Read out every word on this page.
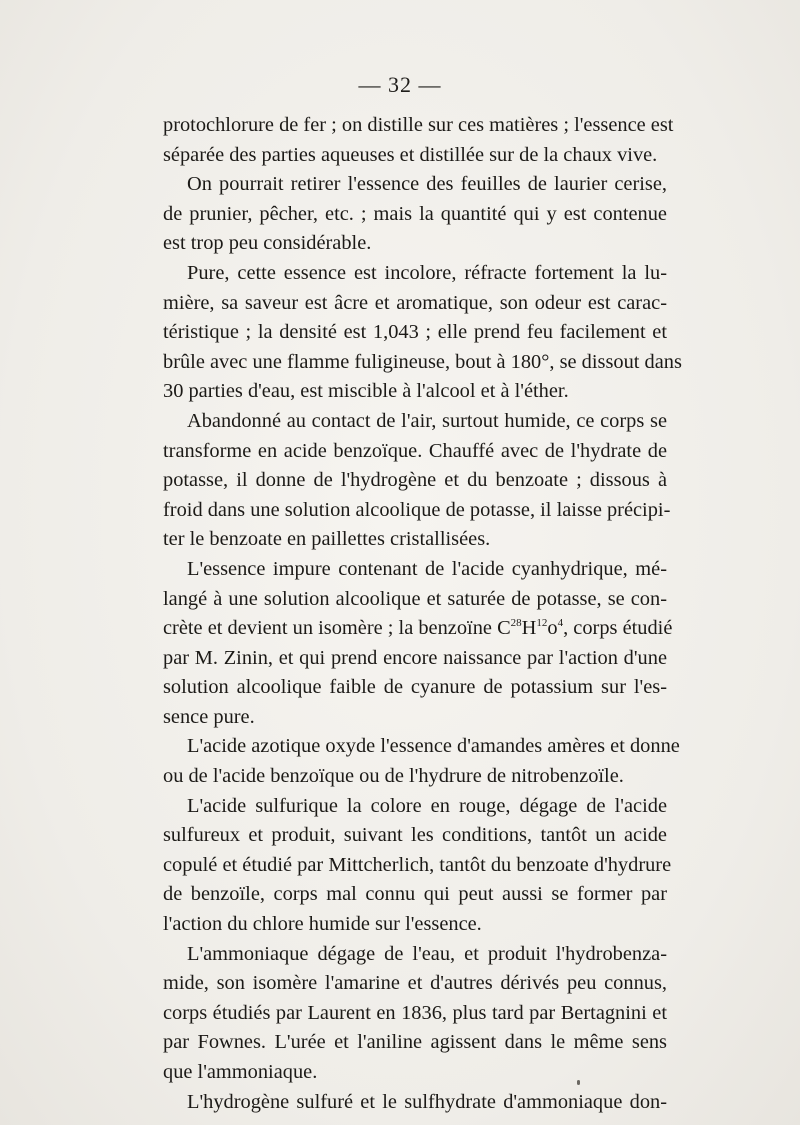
— 32 —
protochlorure de fer ; on distille sur ces matières ; l'essence est
séparée des parties aqueuses et distillée sur de la chaux vive.
On pourrait retirer l'essence des feuilles de laurier cerise,
de prunier, pêcher, etc. ; mais la quantité qui y est contenue
est trop peu considérable.
Pure, cette essence est incolore, réfracte fortement la lu-
mière, sa saveur est âcre et aromatique, son odeur est carac-
téristique ; la densité est 1,043 ; elle prend feu facilement et
brûle avec une flamme fuligineuse, bout à 180°, se dissout dans
30 parties d'eau, est miscible à l'alcool et à l'éther.
Abandonné au contact de l'air, surtout humide, ce corps se
transforme en acide benzoïque. Chauffé avec de l'hydrate de
potasse, il donne de l'hydrogène et du benzoate ; dissous à
froid dans une solution alcoolique de potasse, il laisse précipi-
ter le benzoate en paillettes cristallisées.
L'essence impure contenant de l'acide cyanhydrique, mé-
langé à une solution alcoolique et saturée de potasse, se con-
crète et devient un isomère ; la benzoïne $C^{28}H^{12}o^4$, corps étudié
par M. Zinin, et qui prend encore naissance par l'action d'une
solution alcoolique faible de cyanure de potassium sur l'es-
sence pure.
L'acide azotique oxyde l'essence d'amandes amères et donne
ou de l'acide benzoïque ou de l'hydrure de nitrobenzoïle.
L'acide sulfurique la colore en rouge, dégage de l'acide
sulfureux et produit, suivant les conditions, tantôt un acide
copulé et étudié par Mittcherlich, tantôt du benzoate d'hydrure
de benzoïle, corps mal connu qui peut aussi se former par
l'action du chlore humide sur l'essence.
L'ammoniaque dégage de l'eau, et produit l'hydrobenza-
mide, son isomère l'amarine et d'autres dérivés peu connus,
corps étudiés par Laurent en 1836, plus tard par Bertagnini et
par Fownes. L'urée et l'aniline agissent dans le même sens
que l'ammoniaque.
L'hydrogène sulfuré et le sulfhydrate d'ammoniaque don-
